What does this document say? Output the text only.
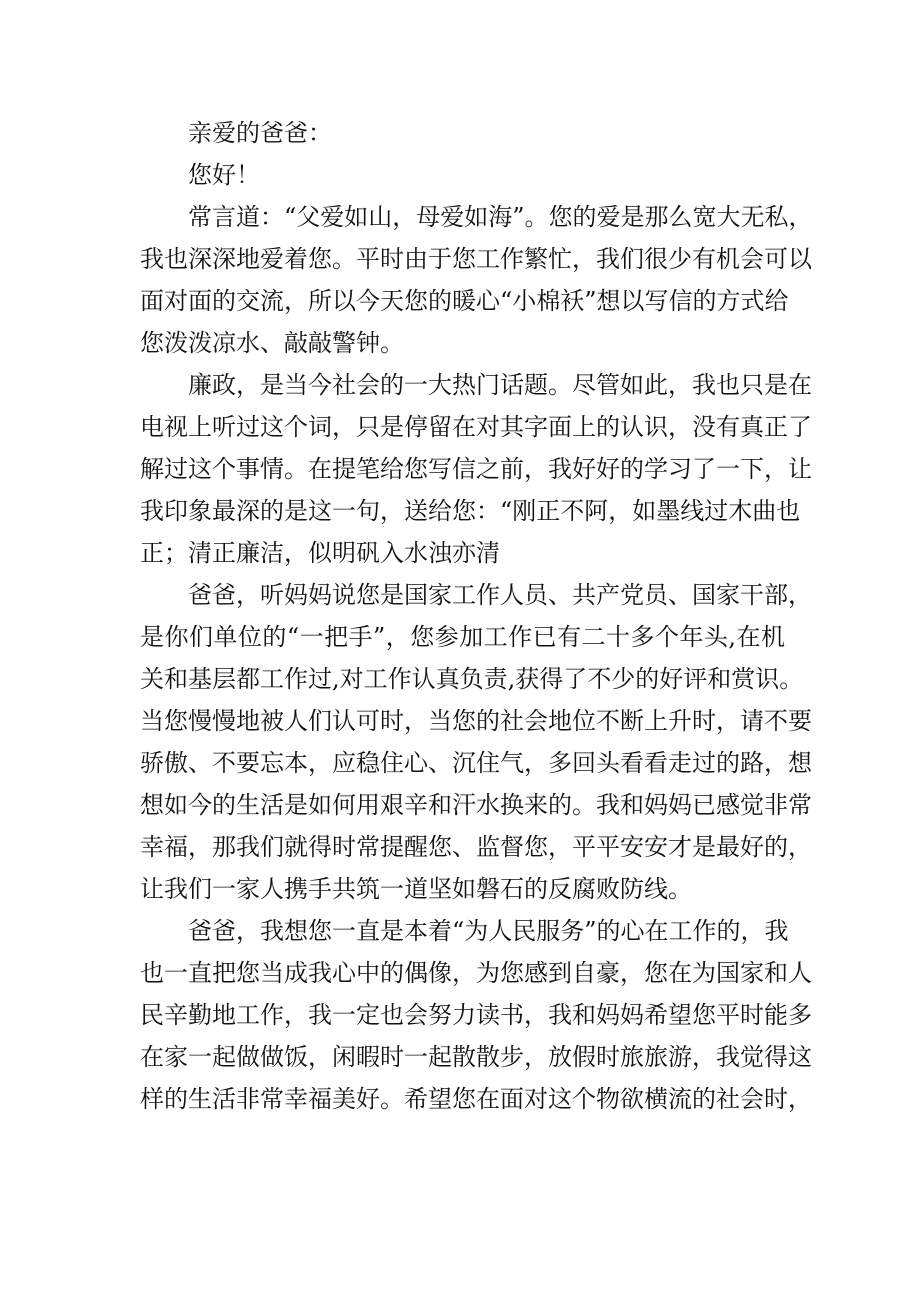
亲爱的爸爸：
您好！
常言道：“父爱如山，母爱如海”。您的爱是那么宽大无私，
我也深深地爱着您。平时由于您工作繁忙，我们很少有机会可以
面对面的交流，所以今天您的暖心“小棉袄”想以写信的方式给
您泼泼凉水、敲敲警钟。
廉政，是当今社会的一大热门话题。尽管如此，我也只是在
电视上听过这个词，只是停留在对其字面上的认识，没有真正了
解过这个事情。在提笔给您写信之前，我好好的学习了一下，让
我印象最深的是这一句，送给您：“刚正不阿，如墨线过木曲也
正；清正廉洁，似明矾入水浊亦清
爸爸，听妈妈说您是国家工作人员、共产党员、国家干部，
是你们单位的“一把手”，您参加工作已有二十多个年头,在机
关和基层都工作过,对工作认真负责,获得了不少的好评和赏识。
当您慢慢地被人们认可时，当您的社会地位不断上升时，请不要
骄傲、不要忘本，应稳住心、沉住气，多回头看看走过的路，想
想如今的生活是如何用艰辛和汗水换来的。我和妈妈已感觉非常
幸福，那我们就得时常提醒您、监督您，平平安安才是最好的，
让我们一家人携手共筑一道坚如磐石的反腐败防线。
爸爸，我想您一直是本着“为人民服务”的心在工作的，我
也一直把您当成我心中的偶像，为您感到自豪，您在为国家和人
民辛勤地工作，我一定也会努力读书，我和妈妈希望您平时能多
在家一起做做饭，闲暇时一起散散步，放假时旅旅游，我觉得这
样的生活非常幸福美好。希望您在面对这个物欲横流的社会时，
